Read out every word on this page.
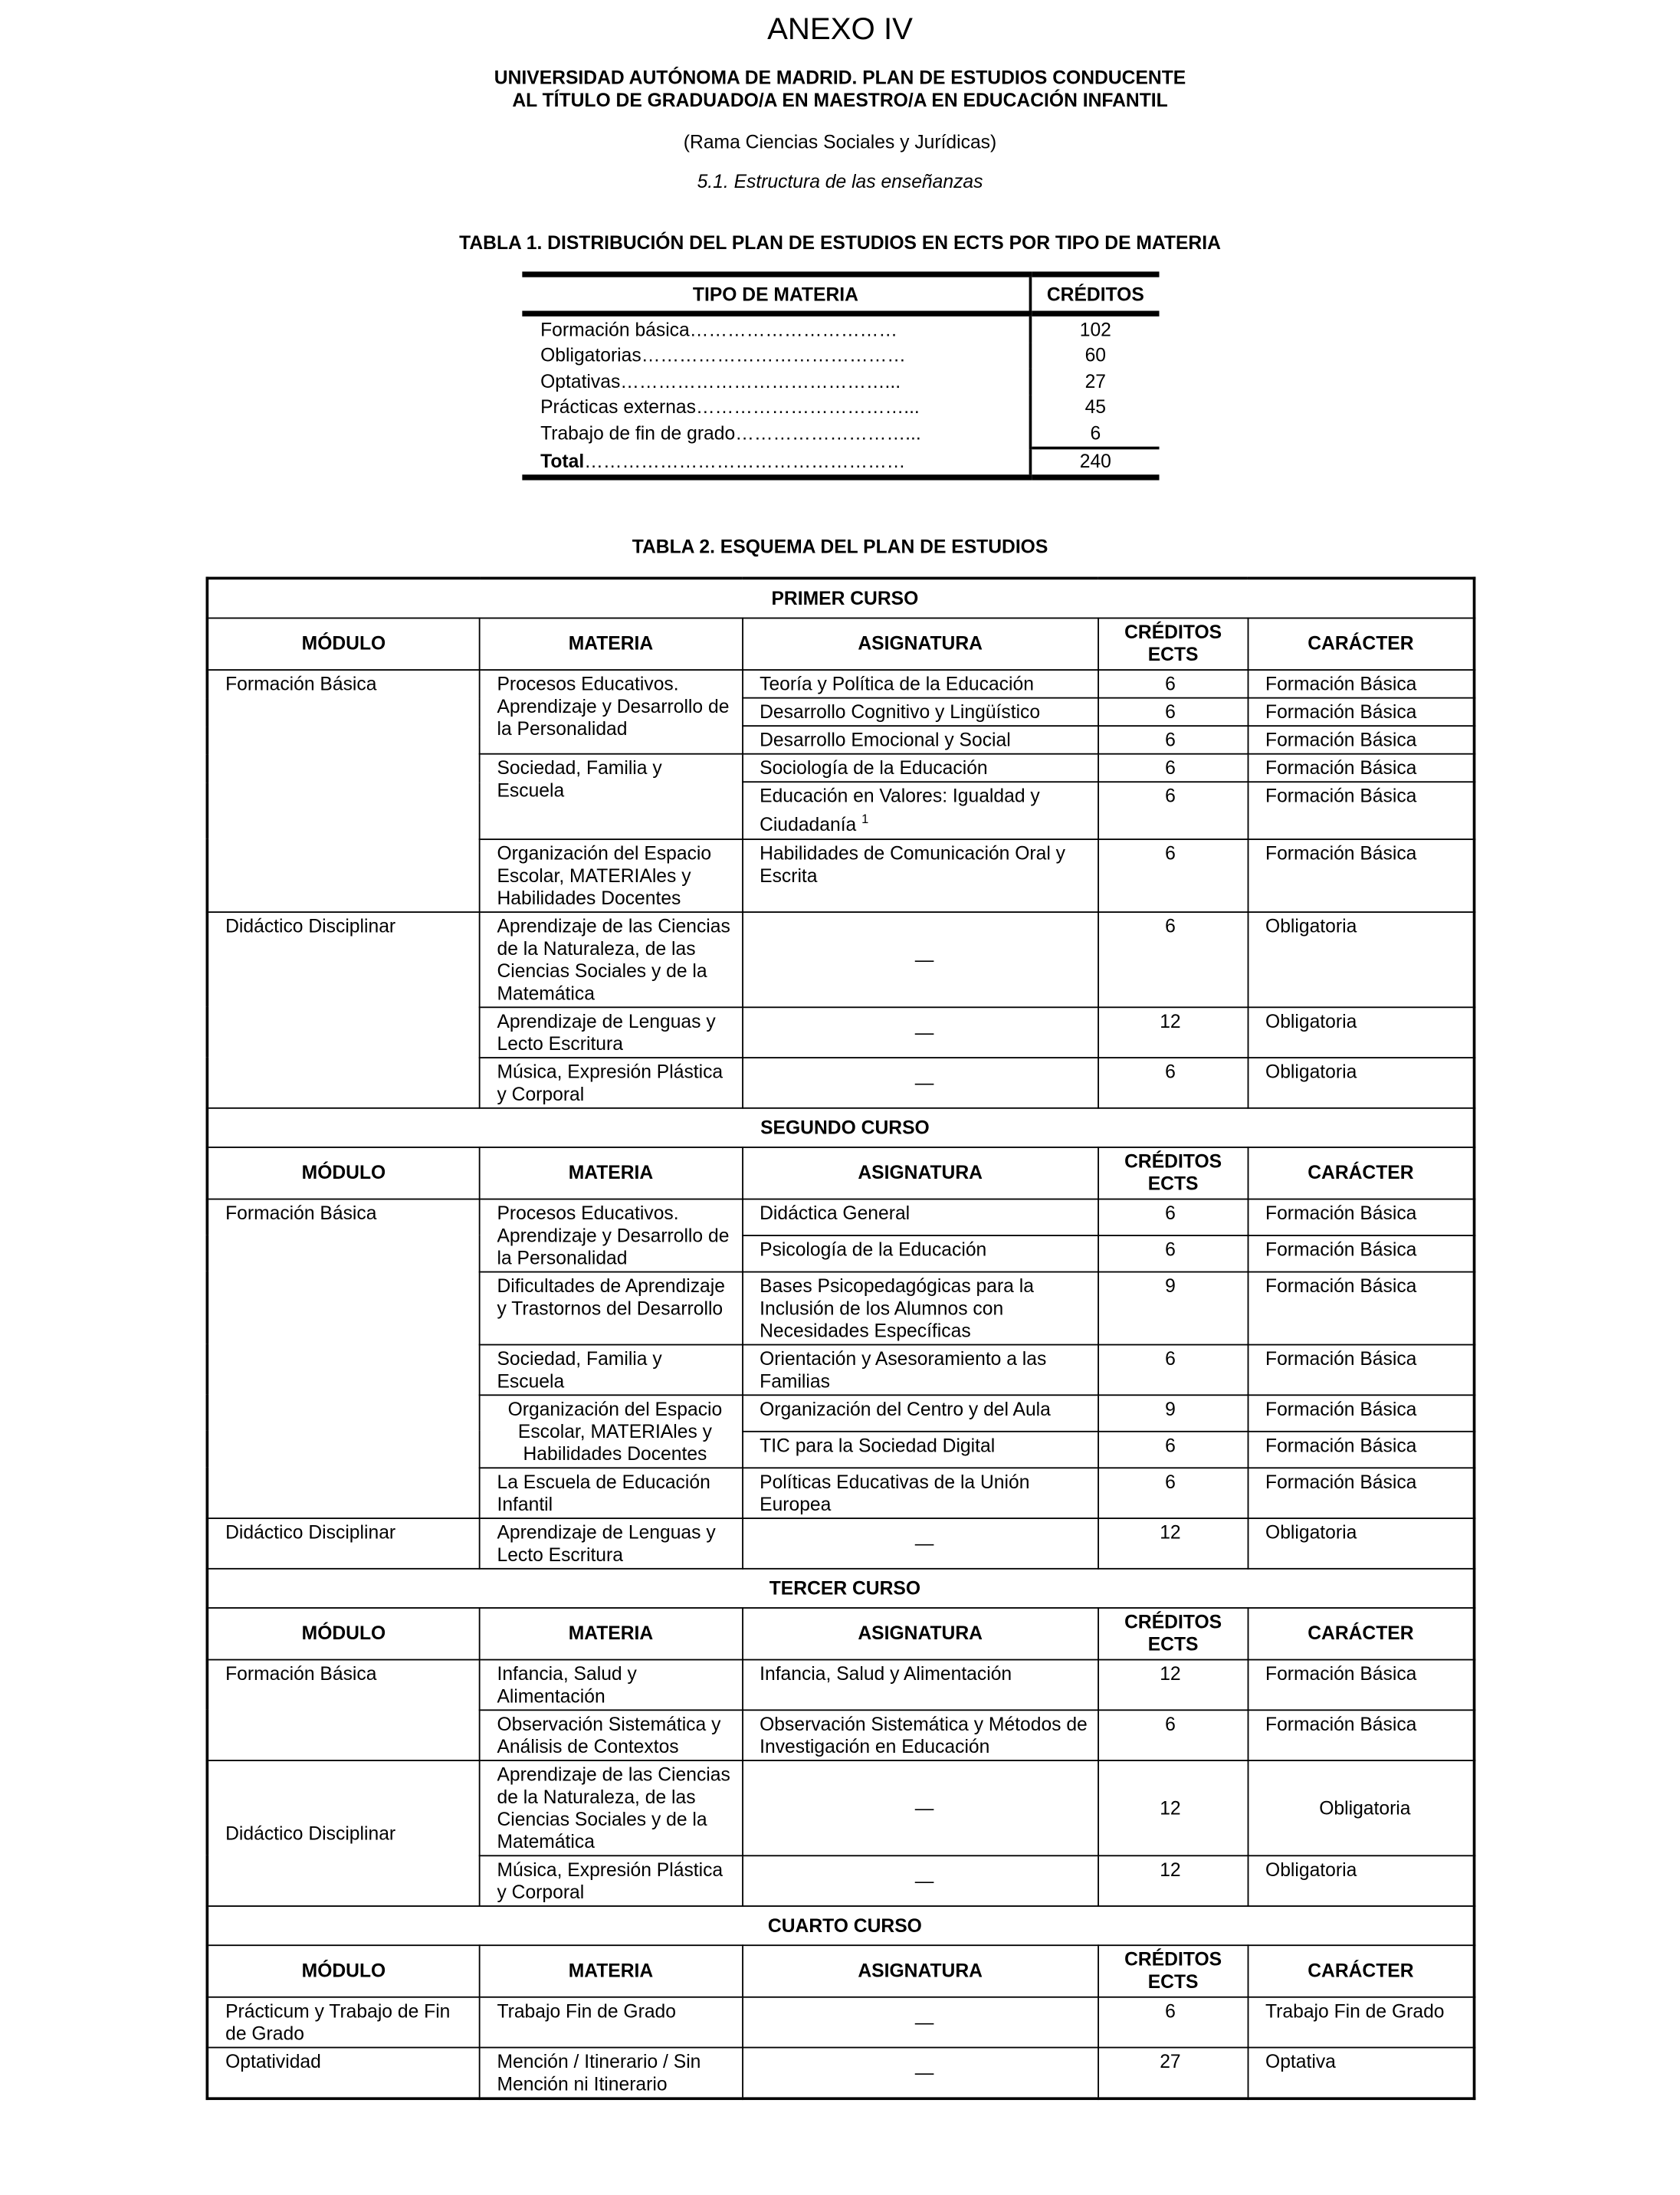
ANEXO IV
UNIVERSIDAD AUTÓNOMA DE MADRID. PLAN DE ESTUDIOS CONDUCENTE
AL TÍTULO DE GRADUADO/A EN MAESTRO/A EN EDUCACIÓN INFANTIL
(Rama Ciencias Sociales y Jurídicas)
5.1. Estructura de las enseñanzas
TABLA 1. DISTRIBUCIÓN DEL PLAN DE ESTUDIOS EN ECTS POR TIPO DE MATERIA
TIPO DE MATERIA	CRÉDITOS
Formación básica……………………………	102
Obligatorias……………………………………	60
Optativas……………………………………...	27
Prácticas externas……………………………...	45
Trabajo de fin de grado………………………...	6
Total……………………………………………	240
TABLA 2. ESQUEMA DEL PLAN DE ESTUDIOS
PRIMER CURSO				
MÓDULO	MATERIA	ASIGNATURA	CRÉDITOS ECTS	CARÁCTER
Formación Básica	Procesos Educativos. Aprendizaje y Desarrollo de la Personalidad	Teoría y Política de la Educación	6	Formación Básica
		Desarrollo Cognitivo y Lingüístico	6	Formación Básica
		Desarrollo Emocional y Social	6	Formación Básica
	Sociedad, Familia y Escuela	Sociología de la Educación	6	Formación Básica
		Educación en Valores: Igualdad y Ciudadanía $^1$	6	Formación Básica
	Organización del Espacio Escolar, MATERIAles y Habilidades Docentes	Habilidades de Comunicación Oral y Escrita	6	Formación Básica
Didáctico Disciplinar	Aprendizaje de las Ciencias de la Naturaleza, de las Ciencias Sociales y de la Matemática	—	6	Obligatoria
	Aprendizaje de Lenguas y Lecto Escritura	—	12	Obligatoria
	Música, Expresión Plástica y Corporal	—	6	Obligatoria
SEGUNDO CURSO				
MÓDULO	MATERIA	ASIGNATURA	CRÉDITOS ECTS	CARÁCTER
Formación Básica	Procesos Educativos. Aprendizaje y Desarrollo de la Personalidad	Didáctica General	6	Formación Básica
		Psicología de la Educación	6	Formación Básica
	Dificultades de Aprendizaje y Trastornos del Desarrollo	Bases Psicopedagógicas para la Inclusión de los Alumnos con Necesidades Específicas	9	Formación Básica
	Sociedad, Familia y Escuela	Orientación y Asesoramiento a las Familias	6	Formación Básica
	Organización del Espacio Escolar, MATERIAles y Habilidades Docentes	Organización del Centro y del Aula	9	Formación Básica
		TIC para la Sociedad Digital	6	Formación Básica
	La Escuela de Educación Infantil	Políticas Educativas de la Unión Europea	6	Formación Básica
Didáctico Disciplinar	Aprendizaje de Lenguas y Lecto Escritura	—	12	Obligatoria
TERCER CURSO				
MÓDULO	MATERIA	ASIGNATURA	CRÉDITOS ECTS	CARÁCTER
Formación Básica	Infancia, Salud y Alimentación	Infancia, Salud y Alimentación	12	Formación Básica
	Observación Sistemática y Análisis de Contextos	Observación Sistemática y Métodos de Investigación en Educación	6	Formación Básica
Didáctico Disciplinar	Aprendizaje de las Ciencias de la Naturaleza, de las Ciencias Sociales y de la Matemática	—	12	Obligatoria
	Música, Expresión Plástica y Corporal	—	12	Obligatoria
CUARTO CURSO				
MÓDULO	MATERIA	ASIGNATURA	CRÉDITOS ECTS	CARÁCTER
Prácticum y Trabajo de Fin de Grado	Trabajo Fin de Grado	—	6	Trabajo Fin de Grado
Optatividad	Mención / Itinerario / Sin Mención ni Itinerario	—	27	Optativa
